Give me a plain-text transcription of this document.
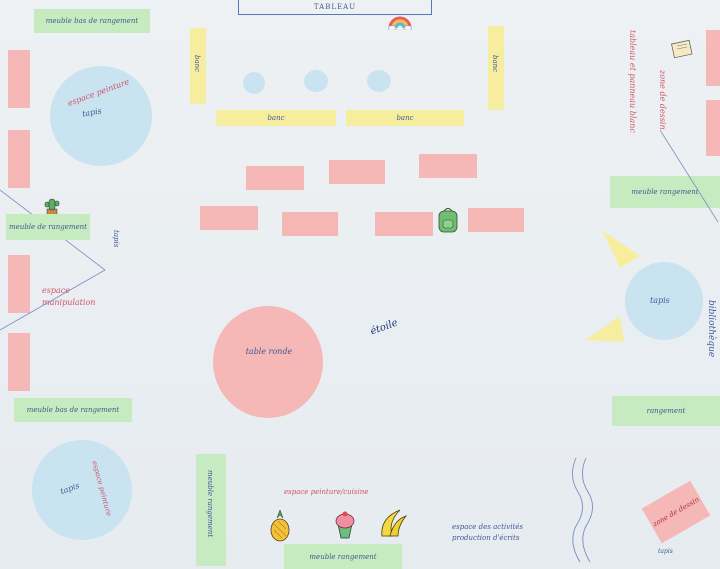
TABLEAU
meuble bas de rangement
espace peinture
tapis
meuble de rangement
tapis
espace manipulation
meuble bas de rangement
tapis espace peinture	meuble rangement
banc	banc
banc	banc
table ronde
étoile
meuble rangement
tableau et panneau blanc	zone de dessin
tapis	bibliothèque
rangement
zone de dessin
espace des activités production d'écrits
meuble rangement
espace peinture/cuisine
tapis
